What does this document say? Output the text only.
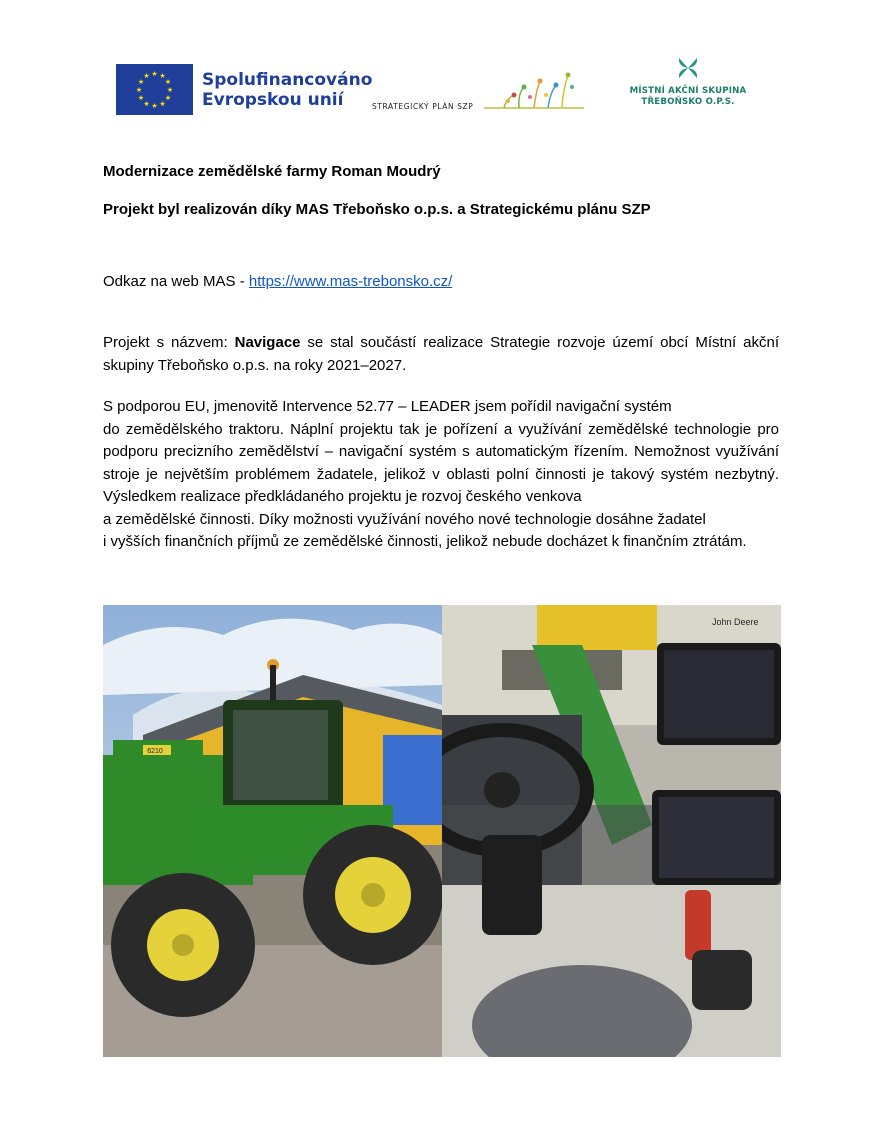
★ ★
★
★
★
★
★
★
★
★
★
★	Spolufinancováno
Evropskou unií	STRATEGICKÝ PLÁN SZP
MÍSTNÍ AKČNÍ SKUPINA
TŘEBOŇSKO O.P.S.
Modernizace zemědělské farmy Roman Moudrý
Projekt byl realizován díky MAS Třeboňsko o.p.s. a Strategickému plánu SZP
Odkaz na web MAS - https://www.mas-trebonsko.cz/
Projekt s názvem: Navigace se stal součástí realizace Strategie rozvoje území obcí Místní akční skupiny Třeboňsko o.p.s. na roky 2021–2027.
S podporou EU, jmenovitě Intervence 52.77 – LEADER jsem pořídil navigační systém
do zemědělského traktoru. Náplní projektu tak je pořízení a využívání zemědělské technologie pro podporu precizního zemědělství – navigační systém s automatickým řízením. Nemožnost využívání stroje je největším problémem žadatele, jelikož v oblasti polní činnosti je takový systém nezbytný. Výsledkem realizace předkládaného projektu je rozvoj českého venkova
a zemědělské činnosti. Díky možnosti využívání nového nové technologie dosáhne žadatel
i vyšších finančních příjmů ze zemědělské činnosti, jelikož nebude docházet k finančním ztrátám.
6210
John Deere
